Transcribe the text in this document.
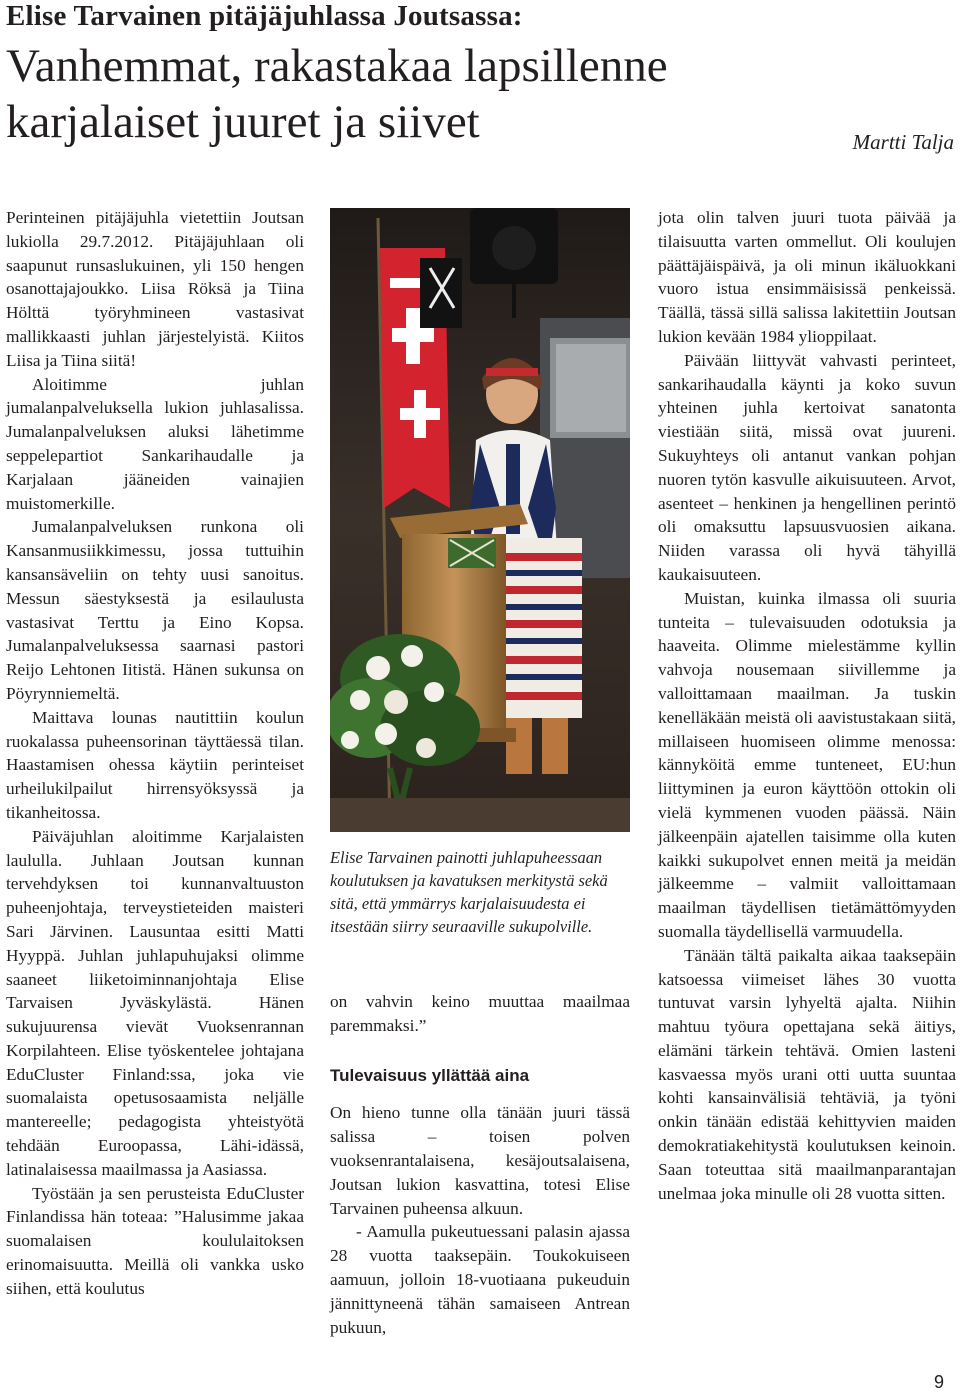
Elise Tarvainen pitäjäjuhlassa Joutsassa:
Vanhemmat, rakastakaa lapsillenne
karjalaiset juuret ja siivet	Martti Talja

Perinteinen pitäjäjuhla vietettiin Joutsan lukiolla 29.7.2012. Pitäjäjuhlaan oli saapunut runsaslukuinen, yli 150 hengen osanottajajoukko. Liisa Röksä ja Tiina Hölttä työryhmineen vastasivat mallikkaasti juhlan järjestelyistä. Kiitos Liisa ja Tiina siitä!

Aloitimme juhlan jumalanpalveluksella lukion juhlasalissa. Jumalanpalveluksen aluksi lähetimme seppelepartiot Sankarihaudalle ja Karjalaan jääneiden vainajien muistomerkille.

Jumalanpalveluksen runkona oli Kansanmusiikkimessu, jossa tuttuihin kansansäveliin on tehty uusi sanoitus. Messun säestyksestä ja esilaulusta vastasivat Terttu ja Eino Kopsa. Jumalanpalveluksessa saarnasi pastori Reijo Lehtonen Iitistä. Hänen sukunsa on Pöyrynniemeltä.

Maittava lounas nautittiin koulun ruokalassa puheensorinan täyttäessä tilan. Haastamisen ohessa käytiin perinteiset urheilukilpailut hirrensyöksyssä ja tikanheitossa.

Päiväjuhlan aloitimme Karjalaisten laululla. Juhlaan Joutsan kunnan tervehdyksen toi kunnanvaltuuston puheenjohtaja, terveystieteiden maisteri Sari Järvinen. Lausuntaa esitti Matti Hyyppä. Juhlan juhlapuhujaksi olimme saaneet liiketoiminnanjohtaja Elise Tarvaisen Jyväskylästä. Hänen sukujuurensa vievät Vuoksenrannan Korpilahteen. Elise työskentelee johtajana EduCluster Finland:ssa, joka vie suomalaista opetusosaamista neljälle mantereelle; pedagogista yhteistyötä tehdään Euroopassa, Lähi-idässä, latinalaisessa maailmassa ja Aasiassa.

Työstään ja sen perusteista EduCluster Finlandissa hän toteaa: ”Halusimme jakaa suomalaisen koululaitoksen erinomaisuutta. Meillä oli vankka usko siihen, että koulutus

Elise Tarvainen painotti juhlapuheessaan koulutuksen ja kavatuksen merkitystä sekä sitä, että ymmärrys karjalaisuudesta ei itsestään siirry seuraaville sukupolville.

on vahvin keino muuttaa maailmaa paremmaksi.”

Tulevaisuus yllättää aina

On hieno tunne olla tänään juuri tässä salissa – toisen polven vuoksenrantalaisena, kesäjoutsalaisena, Joutsan lukion kasvattina, totesi Elise Tarvainen puheensa alkuun.

- Aamulla pukeutuessani palasin ajassa 28 vuotta taaksepäin. Toukokuiseen aamuun, jolloin 18-vuotiaana pukeuduin jännittyneenä tähän samaiseen Antrean pukuun,

jota olin talven juuri tuota päivää ja tilaisuutta varten ommellut. Oli koulujen päättäjäispäivä, ja oli minun ikäluokkani vuoro istua ensimmäisissä penkeissä. Täällä, tässä sillä salissa lakitettiin Joutsan lukion kevään 1984 ylioppilaat.

Päivään liittyvät vahvasti perinteet, sankarihaudalla käynti ja koko suvun yhteinen juhla kertoivat sanatonta viestiään siitä, missä ovat juureni. Sukuyhteys oli antanut vankan pohjan nuoren tytön kasvulle aikuisuuteen. Arvot, asenteet – henkinen ja hengellinen perintö oli omaksuttu lapsuusvuosien aikana. Niiden varassa oli hyvä tähyillä kaukaisuuteen.

Muistan, kuinka ilmassa oli suuria tunteita – tulevaisuuden odotuksia ja haaveita. Olimme mielestämme kyllin vahvoja nousemaan siivillemme ja valloittamaan maailman. Ja tuskin kenelläkään meistä oli aavistustakaan siitä, millaiseen huomiseen olimme menossa: kännyköitä emme tunteneet, EU:hun liittyminen ja euron käyttöön ottokin oli vielä kymmenen vuoden päässä. Näin jälkeenpäin ajatellen taisimme olla kuten kaikki sukupolvet ennen meitä ja meidän jälkeemme – valmiit valloittamaan maailman täydellisen tietämättömyyden suomalla täydellisellä varmuudella.

Tänään tältä paikalta aikaa taaksepäin katsoessa viimeiset lähes 30 vuotta tuntuvat varsin lyhyeltä ajalta. Niihin mahtuu työura opettajana sekä äitiys, elämäni tärkein tehtävä. Omien lasteni kasvaessa myös urani otti uutta suuntaa kohti kansainvälisiä tehtäviä, ja työni onkin tänään edistää kehittyvien maiden demokratiakehitystä koulutuksen keinoin. Saan toteuttaa sitä maailmanparantajan unelmaa joka minulle oli 28 vuotta sitten.

9
